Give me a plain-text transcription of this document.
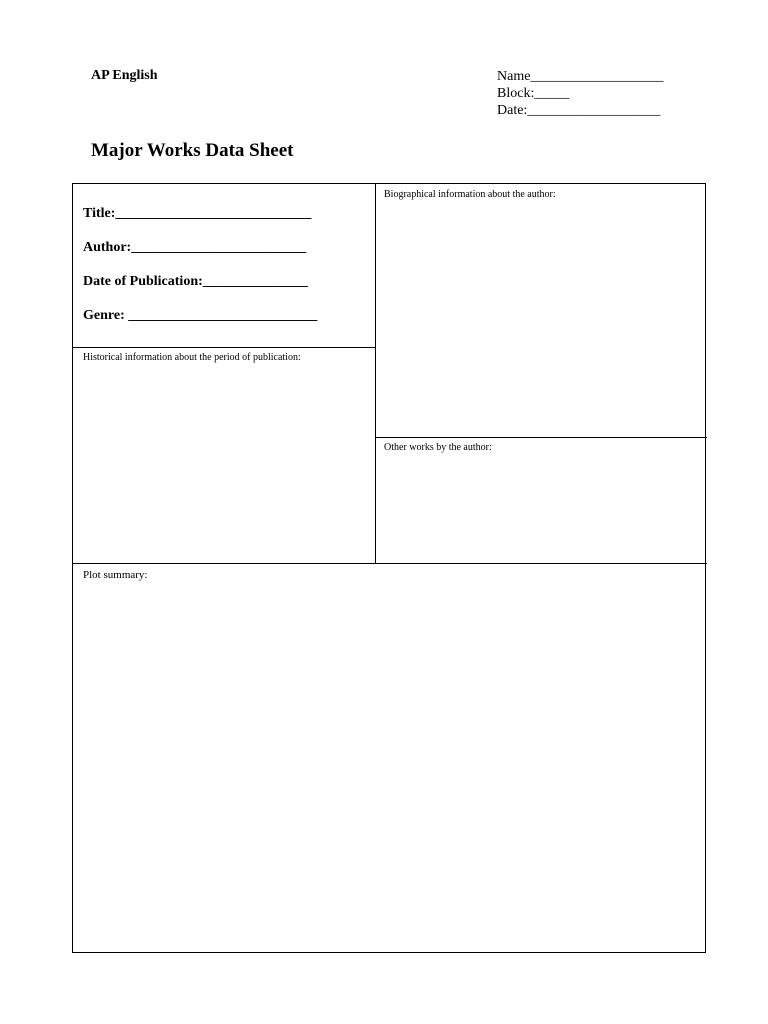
AP English	Name___________________
Block:_____
Date:___________________
Major Works Data Sheet
Title:____________________________
Author:_________________________
Date of Publication:_______________
Genre: ___________________________
Biographical information about the author:
Historical information about the period of publication:
Other works by the author:
Plot summary:
